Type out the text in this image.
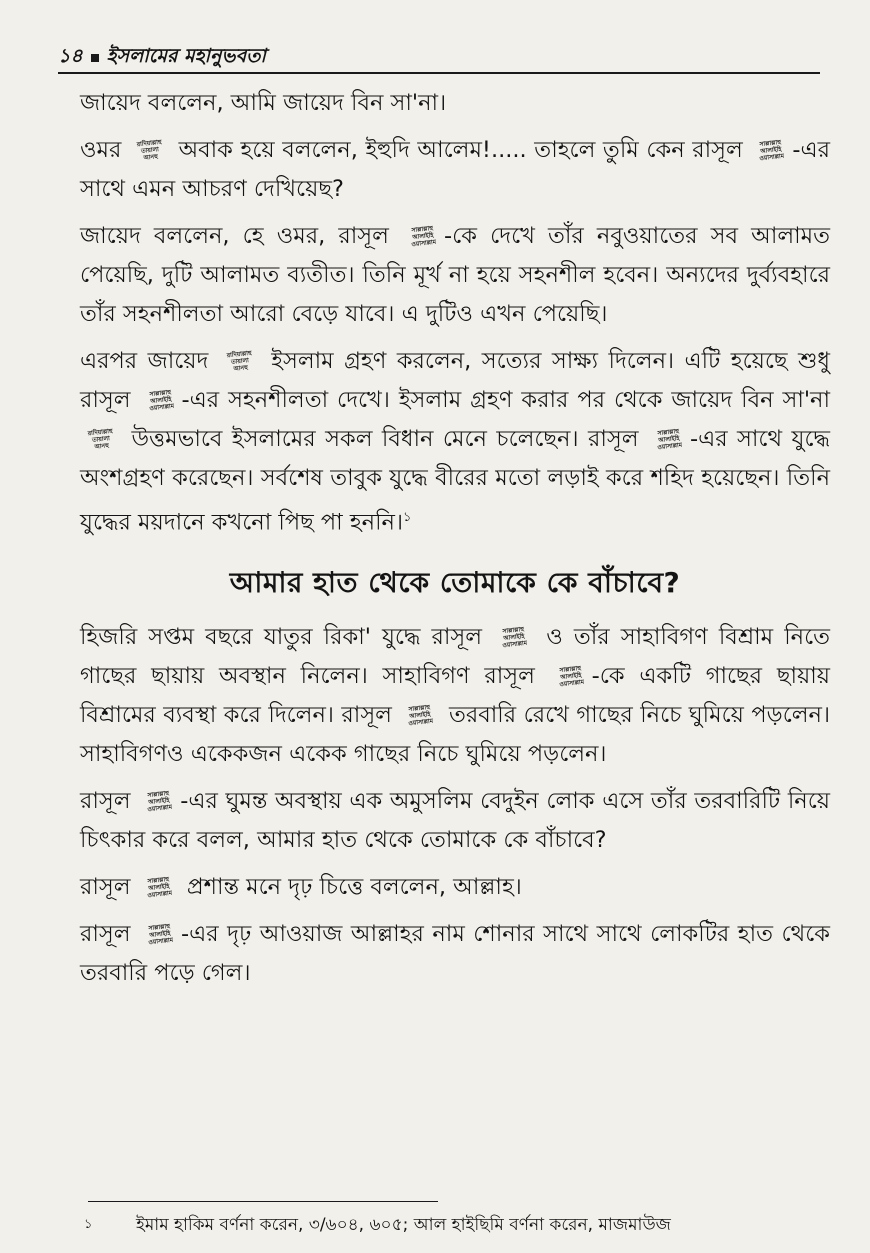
১৪ ইসলামের মহানুভবতা

জায়েদ বললেন, আমি জায়েদ বিন সা'না।

ওমর	রাদিয়াল্লাহু
তায়ালা
আনহু অবাক হয়ে বললেন, ইহুদি আলেম!..... তাহলে তুমি কেন রাসূল	সাল্লাল্লাহু
আলাইহি
ওয়াসাল্লাম -এর সাথে এমন আচরণ দেখিয়েছ?

জায়েদ বললেন, হে ওমর, রাসূল	সাল্লাল্লাহু
আলাইহি
ওয়াসাল্লাম -কে দেখে তাঁর নবুওয়াতের সব আলামত পেয়েছি, দুটি আলামত ব্যতীত। তিনি মূর্খ না হয়ে সহনশীল হবেন। অন্যদের দুর্ব্যবহারে তাঁর সহনশীলতা আরো বেড়ে যাবে। এ দুটিও এখন পেয়েছি।

এরপর জায়েদ	রাদিয়াল্লাহু
তায়ালা
আনহু	ইসলাম গ্রহণ করলেন, সত্যের সাক্ষ্য দিলেন। এটি হয়েছে শুধু রাসূল	সাল্লাল্লাহু
আলাইহি
ওয়াসাল্লাম -এর সহনশীলতা দেখে। ইসলাম গ্রহণ করার পর থেকে জায়েদ বিন সা'না
রাদিয়াল্লাহু
তায়ালা
আনহু উত্তমভাবে ইসলামের সকল বিধান মেনে চলেছেন। রাসূল	সাল্লাল্লাহু
আলাইহি
ওয়াসাল্লাম -এর সাথে যুদ্ধে অংশগ্রহণ করেছেন। সর্বশেষ তাবুক যুদ্ধে বীরের মতো লড়াই করে শহিদ হয়েছেন। তিনি যুদ্ধের ময়দানে কখনো পিছ পা হননি।$^১$

আমার হাত থেকে তোমাকে কে বাঁচাবে?

হিজরি সপ্তম বছরে যাতুর রিকা' যুদ্ধে রাসূল	সাল্লাল্লাহু
আলাইহি
ওয়াসাল্লাম ও তাঁর সাহাবিগণ বিশ্রাম নিতে গাছের ছায়ায় অবস্থান নিলেন। সাহাবিগণ রাসূল	সাল্লাল্লাহু
আলাইহি
ওয়াসাল্লাম -কে একটি গাছের ছায়ায় বিশ্রামের ব্যবস্থা করে দিলেন। রাসূল	সাল্লাল্লাহু
আলাইহি
ওয়াসাল্লাম তরবারি রেখে গাছের নিচে ঘুমিয়ে পড়লেন। সাহাবিগণও একেকজন একেক গাছের নিচে ঘুমিয়ে পড়লেন।

রাসূল	সাল্লাল্লাহু
আলাইহি
ওয়াসাল্লাম -এর ঘুমন্ত অবস্থায় এক অমুসলিম বেদুইন লোক এসে তাঁর তরবারিটি নিয়ে চিৎকার করে বলল, আমার হাত থেকে তোমাকে কে বাঁচাবে?

রাসূল	সাল্লাল্লাহু
আলাইহি
ওয়াসাল্লাম প্রশান্ত মনে দৃঢ় চিত্তে বললেন, আল্লাহ।

রাসূল	সাল্লাল্লাহু
আলাইহি
ওয়াসাল্লাম -এর দৃঢ় আওয়াজ আল্লাহর নাম শোনার সাথে সাথে লোকটির হাত থেকে তরবারি পড়ে গেল।

১	ইমাম হাকিম বর্ণনা করেন, ৩/৬০৪, ৬০৫; আল হাইছিমি বর্ণনা করেন, মাজমাউজ
